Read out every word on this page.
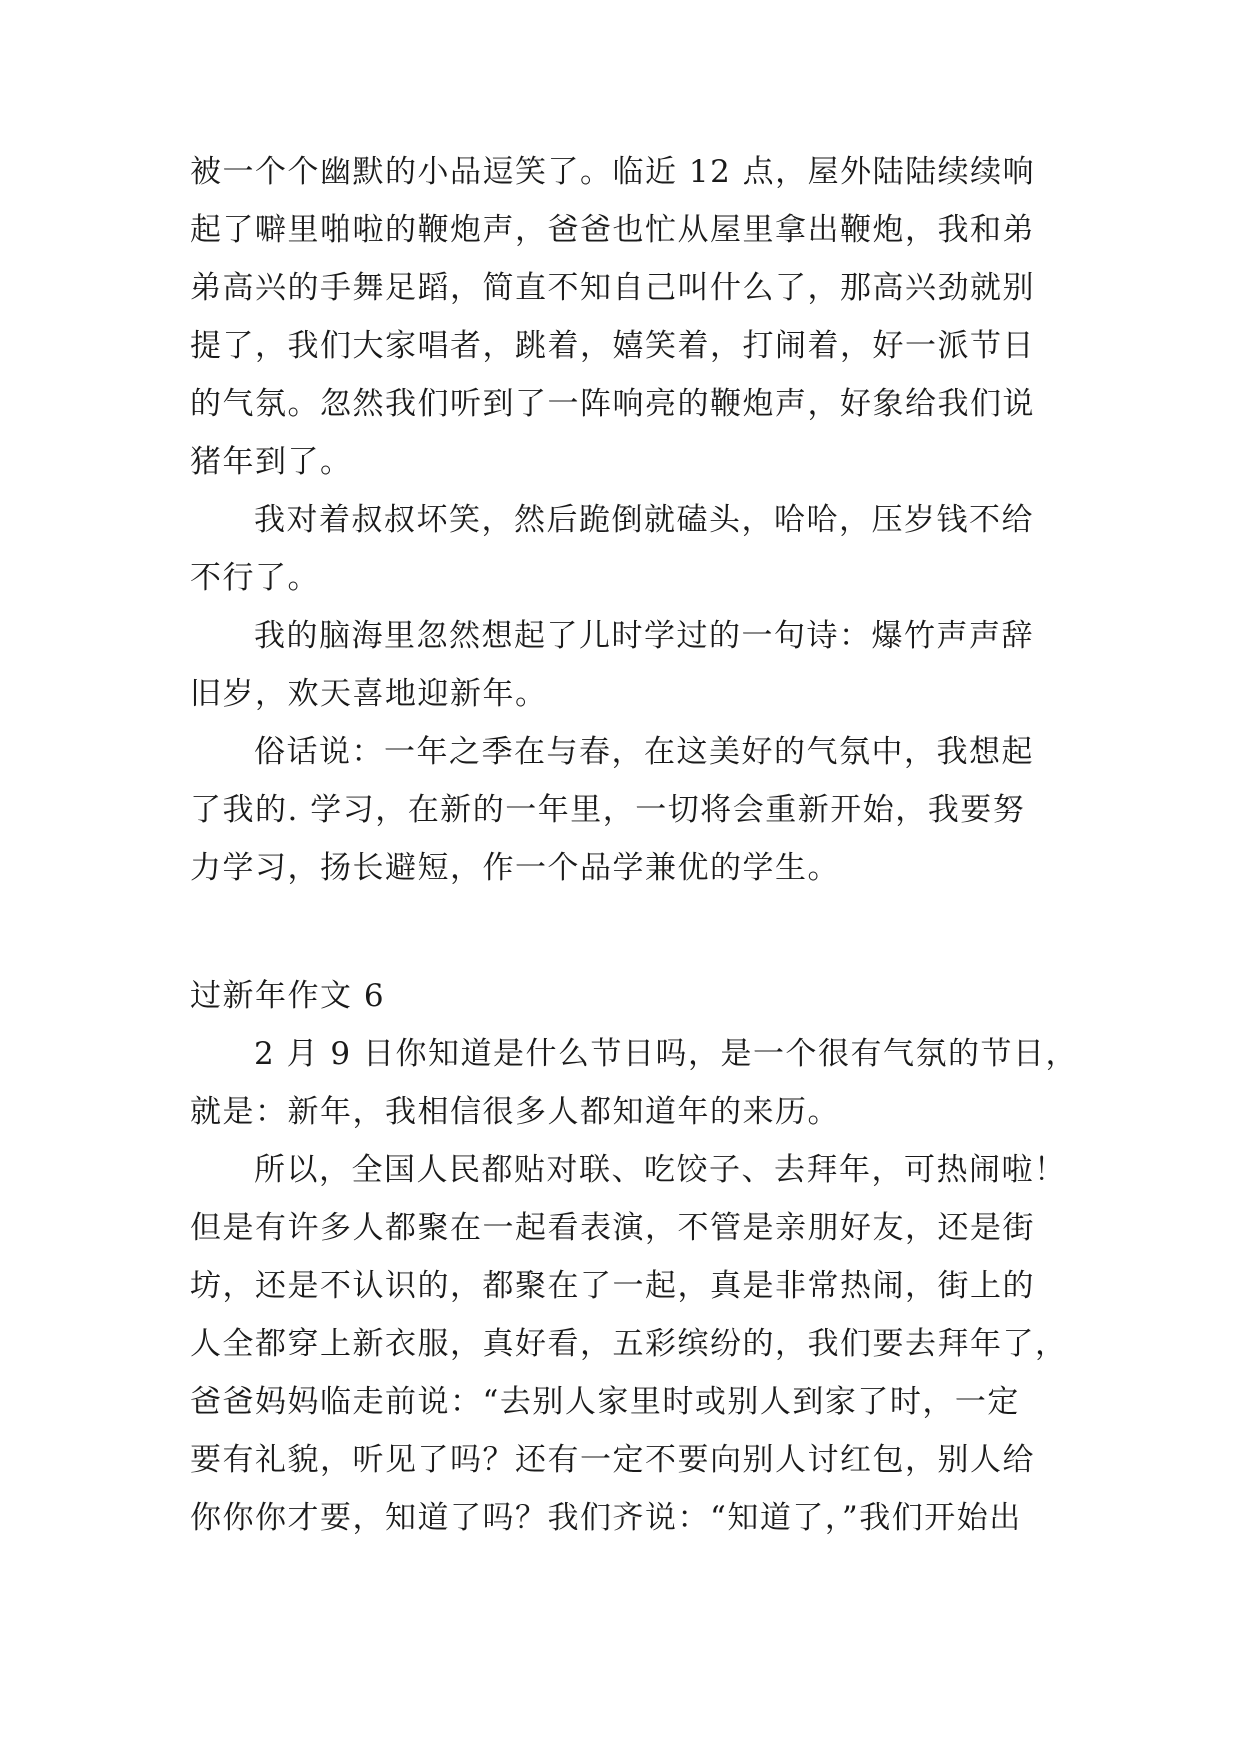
被一个个幽默的小品逗笑了。临近 12 点，屋外陆陆续续响
起了噼里啪啦的鞭炮声，爸爸也忙从屋里拿出鞭炮，我和弟
弟高兴的手舞足蹈，简直不知自己叫什么了，那高兴劲就别
提了，我们大家唱者，跳着，嬉笑着，打闹着，好一派节日
的气氛。忽然我们听到了一阵响亮的鞭炮声，好象给我们说
猪年到了。
我对着叔叔坏笑，然后跪倒就磕头，哈哈，压岁钱不给
不行了。
我的脑海里忽然想起了儿时学过的一句诗：爆竹声声辞
旧岁，欢天喜地迎新年。
俗话说：一年之季在与春，在这美好的气氛中，我想起
了我的. 学习，在新的一年里，一切将会重新开始，我要努
力学习，扬长避短，作一个品学兼优的学生。
过新年作文 6
2 月 9 日你知道是什么节日吗，是一个很有气氛的节日，
就是：新年，我相信很多人都知道年的来历。
所以，全国人民都贴对联、吃饺子、去拜年，可热闹啦！
但是有许多人都聚在一起看表演，不管是亲朋好友，还是街
坊，还是不认识的，都聚在了一起，真是非常热闹，街上的
人全都穿上新衣服，真好看，五彩缤纷的，我们要去拜年了，
爸爸妈妈临走前说：“去别人家里时或别人到家了时，一定
要有礼貌，听见了吗？还有一定不要向别人讨红包，别人给
你你你才要，知道了吗？我们齐说：“知道了，”我们开始出
